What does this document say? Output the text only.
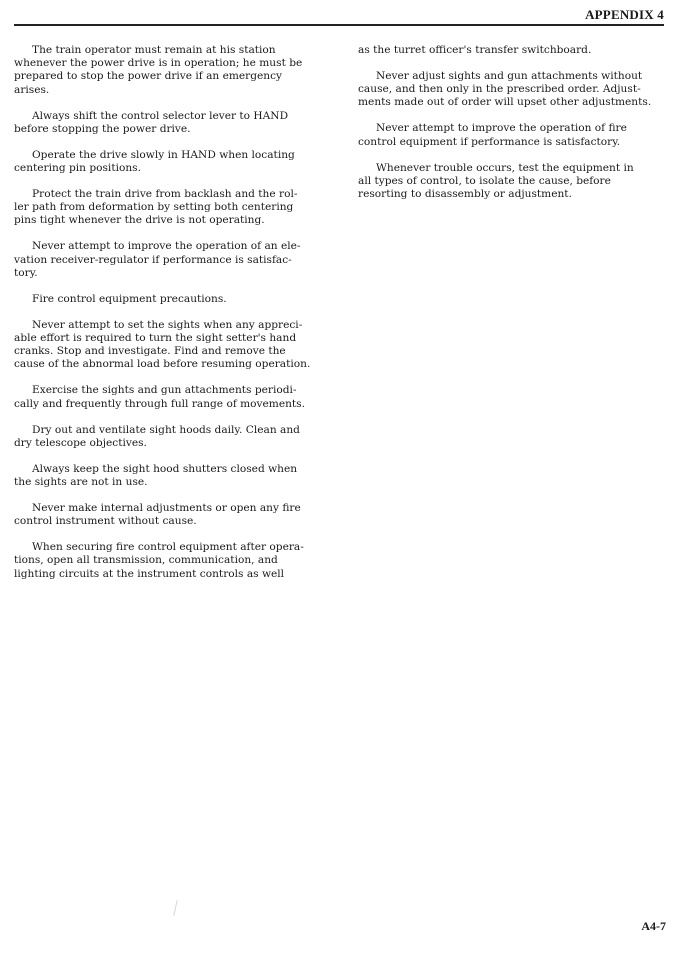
APPENDIX 4

The train operator must remain at his station
whenever the power drive is in operation; he must be
prepared to stop the power drive if an emergency
arises.

Always shift the control selector lever to HAND
before stopping the power drive.

Operate the drive slowly in HAND when locating
centering pin positions.

Protect the train drive from backlash and the rol-
ler path from deformation by setting both centering
pins tight whenever the drive is not operating.

Never attempt to improve the operation of an ele-
vation receiver-regulator if performance is satisfac-
tory.

Fire control equipment precautions.

Never attempt to set the sights when any appreci-
able effort is required to turn the sight setter's hand
cranks. Stop and investigate. Find and remove the
cause of the abnormal load before resuming operation.

Exercise the sights and gun attachments periodi-
cally and frequently through full range of movements.

Dry out and ventilate sight hoods daily. Clean and
dry telescope objectives.

Always keep the sight hood shutters closed when
the sights are not in use.

Never make internal adjustments or open any fire
control instrument without cause.

When securing fire control equipment after opera-
tions, open all transmission, communication, and
lighting circuits at the instrument controls as well

as the turret officer's transfer switchboard.

Never adjust sights and gun attachments without
cause, and then only in the prescribed order. Adjust-
ments made out of order will upset other adjustments.

Never attempt to improve the operation of fire
control equipment if performance is satisfactory.

Whenever trouble occurs, test the equipment in
all types of control, to isolate the cause, before
resorting to disassembly or adjustment.

A4-7
